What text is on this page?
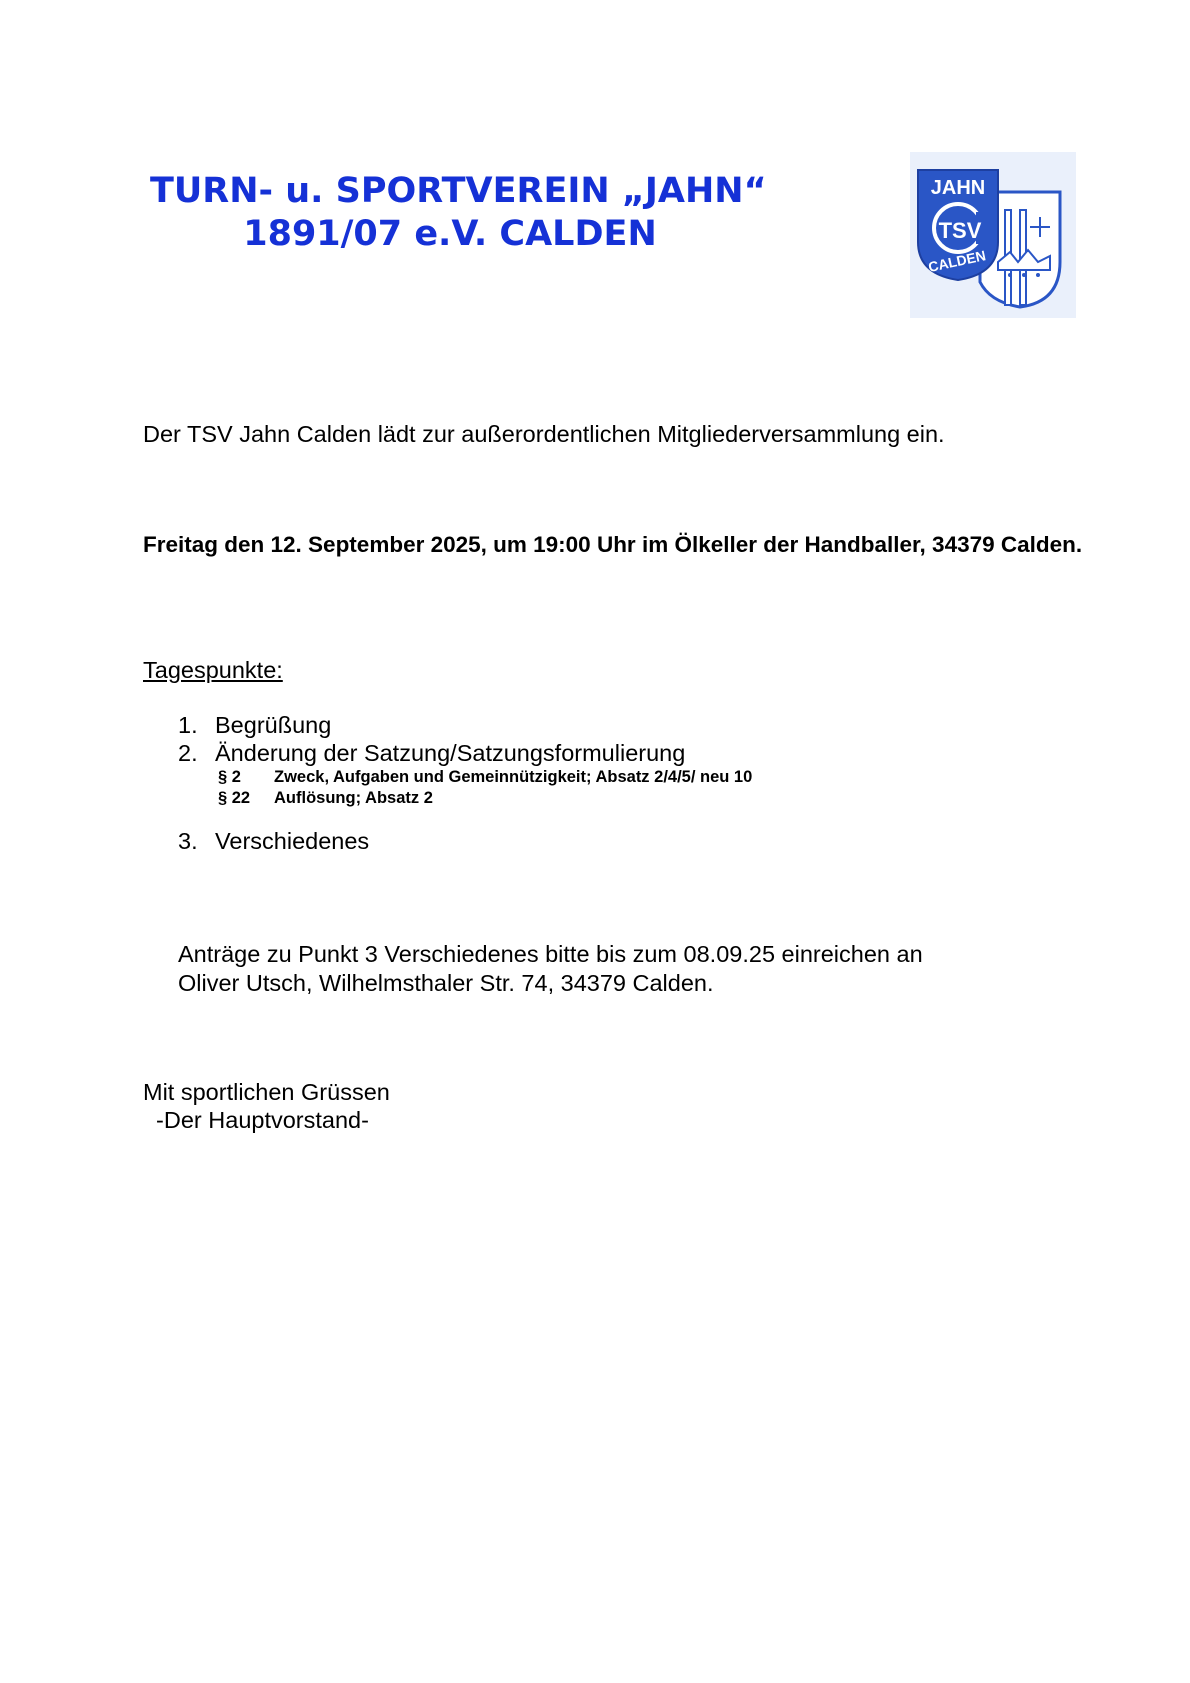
TURN- u. SPORTVEREIN „JAHN“
1891/07 e.V. CALDEN
JAHN
TSV
CALDEN
Der TSV Jahn Calden lädt zur außerordentlichen Mitgliederversammlung ein.
Freitag den 12. September 2025, um 19:00 Uhr im Ölkeller der Handballer, 34379 Calden.
Tagespunkte:
1. Begrüßung
2. Änderung der Satzung/Satzungsformulierung
§ 2 Zweck, Aufgaben und Gemeinnützigkeit; Absatz 2/4/5/ neu 10
§ 22 Auflösung; Absatz 2
3. Verschiedenes
Anträge zu Punkt 3 Verschiedenes bitte bis zum 08.09.25 einreichen an
Oliver Utsch, Wilhelmsthaler Str. 74, 34379 Calden.
Mit sportlichen Grüssen
-Der Hauptvorstand-
